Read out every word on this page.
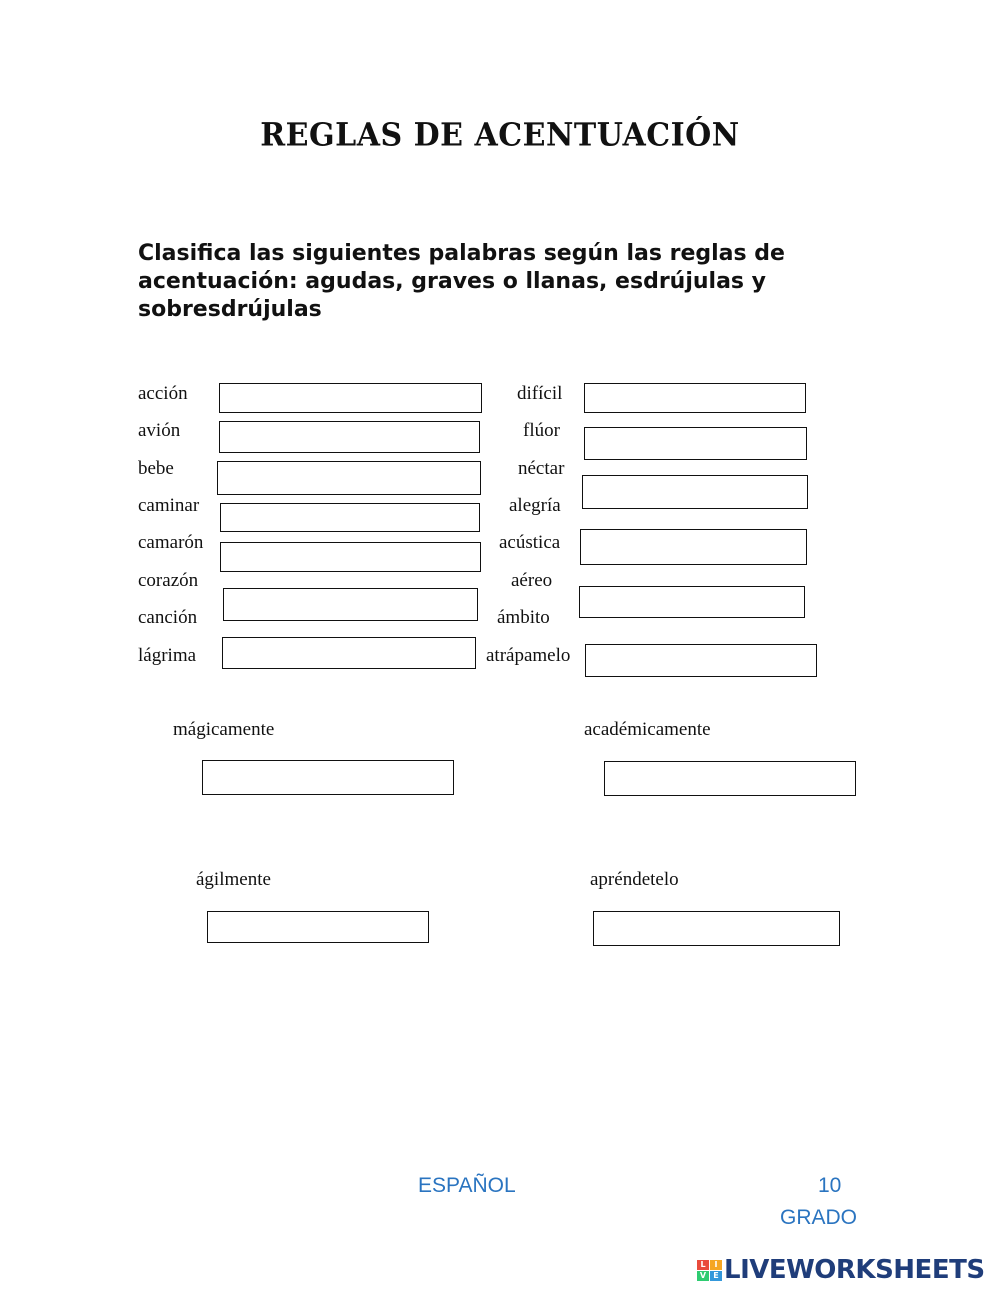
REGLAS DE ACENTUACIÓN
Clasifica las siguientes palabras según las reglas de acentuación: agudas, graves o llanas, esdrújulas y sobresdrújulas
acción
avión
bebe
caminar
camarón
corazón
canción
lágrima
difícil
flúor
néctar
alegría
acústica
aéreo
ámbito
atrápamelo
mágicamente	académicamente
ágilmente	apréndetelo
ESPAÑOL	10
GRADO
L	I
V E LIVEWORKSHEETS
